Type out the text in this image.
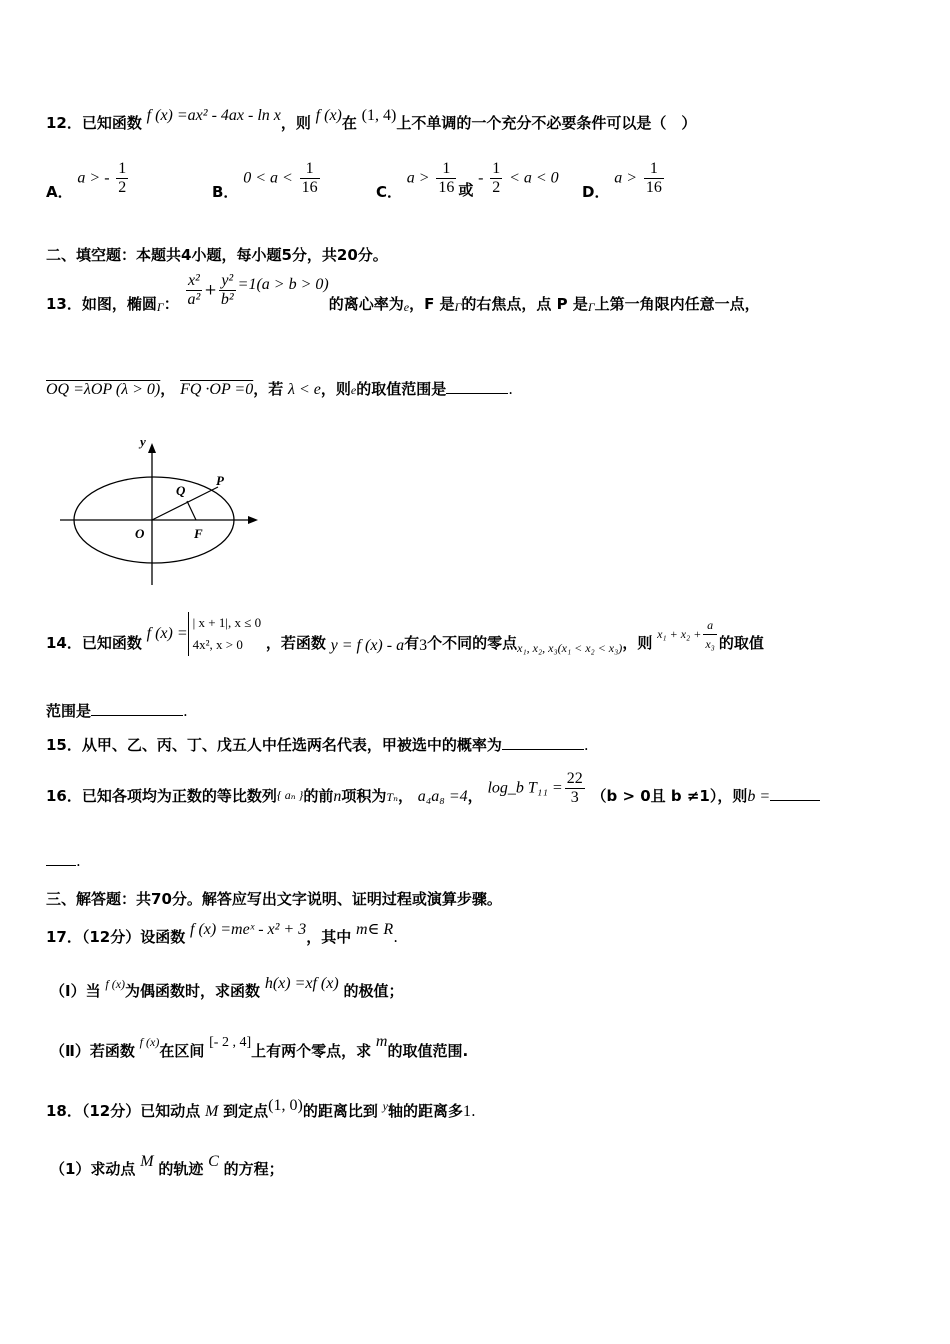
12．已知函数 f (x) =ax² - 4ax - ln x，则 f (x)在 (1, 4)上不单调的一个充分不必要条件可以是（　）
A． a > - $\frac{1}{2}$	B． $0 < a < \frac{1}{16}$	C． $a > \frac{1}{16}$ 或 - $\frac{1}{2} < a < 0$
D． $a > \frac{1}{16}$
二、填空题：本题共4小题，每小题5分，共20分。
13．如图，椭圆$_\Gamma$： $\frac{\text{x²}}{\text{a²}} + \frac{\text{y²}}{\text{b²}} =1(a > b > 0)$的离心率为$_e$，F 是$_\Gamma$的右焦点，点 P 是$_\Gamma$上第一角限内任意一点，
OQ =λOP (λ > 0)， FQ ·OP =0，若 λ < e，则e的取值范围是	.
y
P
Q
O	F
14．已知函数 f (x) =
| x + 1|, x ≤ 0
4x², x > 0	，若函数 y = f (x) - a有3个不同的零点$_{x_1, x_2, x_3(x_1 < x_2 < x_3)}$，则 $x_1 + x_2 + \frac{a}{\text{x₃}}$ 的取值
范围是	.
15．从甲、乙、丙、丁、戊五人中任选两名代表，甲被选中的概率为	.
16．已知各项均为正数的等比数列$_{\{ a_n \}}$的前n项积为$_{T_n}$， a₄a₈ =4， log_b $T_{11} = \frac{22}{3} (b > 0$且 b ≠1），则b =
.
三、解答题：共70分。解答应写出文字说明、证明过程或演算步骤。
17．（12分）设函数 f (x) =meˣ - x² + 3，其中 m∈ R.
（Ⅰ）当 f (x)为偶函数时，求函数 h(x) =xf (x) 的极值；
（Ⅱ）若函数 f (x)在区间 [- 2 , 4]上有两个零点，求 m的取值范围.
18．（12分）已知动点 M 到定点(1, 0)的距离比到 y轴的距离多1.
（1）求动点 M 的轨迹 C 的方程；
